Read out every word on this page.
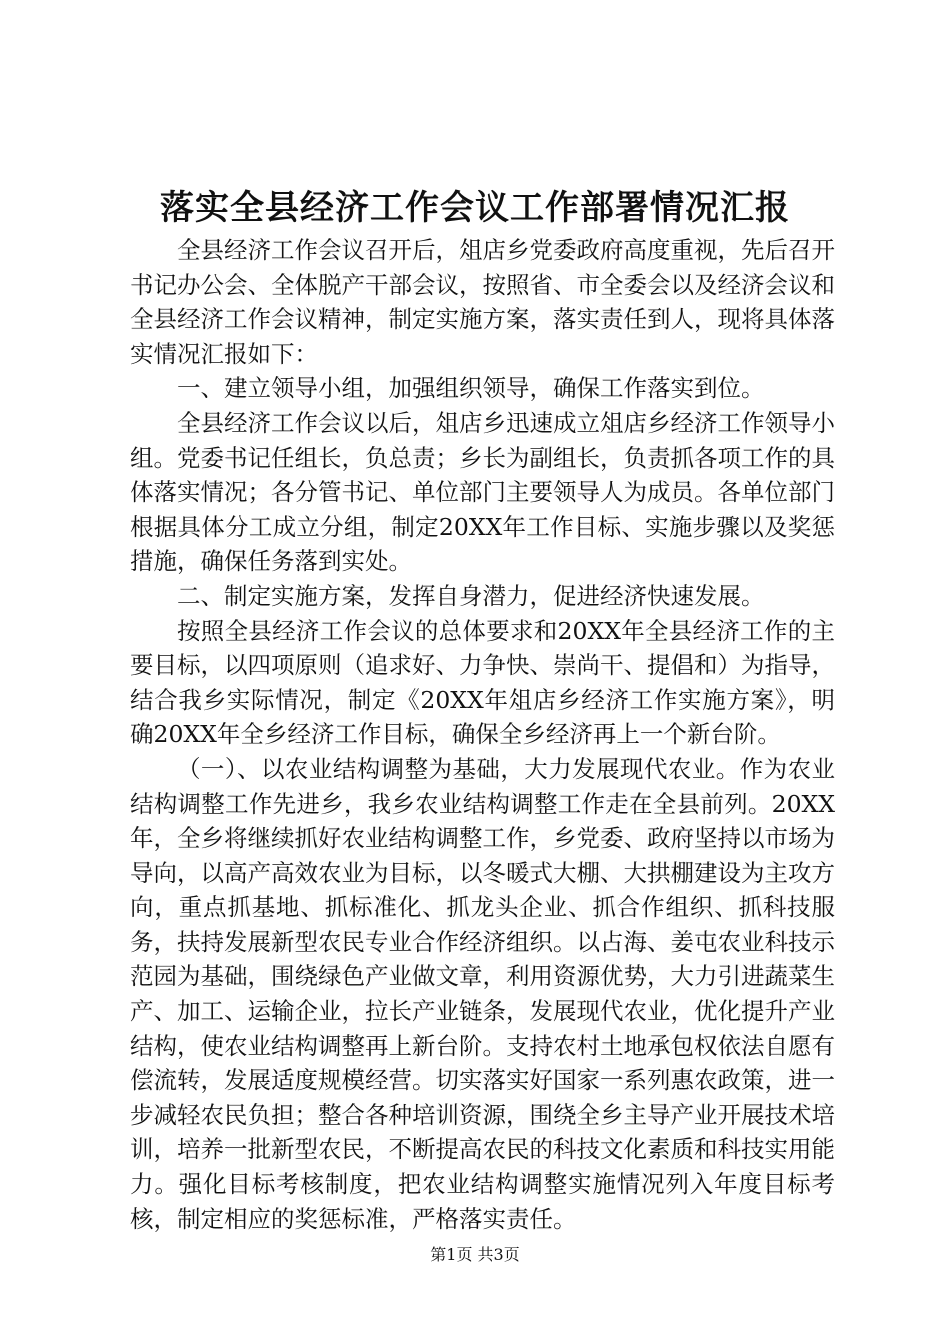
落实全县经济工作会议工作部署情况汇报

全县经济工作会议召开后，俎店乡党委政府高度重视，先后召开书记办公会、全体脱产干部会议，按照省、市全委会以及经济会议和全县经济工作会议精神，制定实施方案，落实责任到人，现将具体落实情况汇报如下：

一、建立领导小组，加强组织领导，确保工作落实到位。

全县经济工作会议以后，俎店乡迅速成立俎店乡经济工作领导小组。党委书记任组长，负总责；乡长为副组长，负责抓各项工作的具体落实情况；各分管书记、单位部门主要领导人为成员。各单位部门根据具体分工成立分组，制定20XX年工作目标、实施步骤以及奖惩措施，确保任务落到实处。

二、制定实施方案，发挥自身潜力，促进经济快速发展。

按照全县经济工作会议的总体要求和20XX年全县经济工作的主要目标，以四项原则（追求好、力争快、崇尚干、提倡和）为指导，结合我乡实际情况，制定《20XX年俎店乡经济工作实施方案》，明确20XX年全乡经济工作目标，确保全乡经济再上一个新台阶。

（一）、以农业结构调整为基础，大力发展现代农业。作为农业结构调整工作先进乡，我乡农业结构调整工作走在全县前列。20XX年，全乡将继续抓好农业结构调整工作，乡党委、政府坚持以市场为导向，以高产高效农业为目标，以冬暖式大棚、大拱棚建设为主攻方向，重点抓基地、抓标准化、抓龙头企业、抓合作组织、抓科技服务，扶持发展新型农民专业合作经济组织。以占海、姜屯农业科技示范园为基础，围绕绿色产业做文章，利用资源优势，大力引进蔬菜生产、加工、运输企业，拉长产业链条，发展现代农业，优化提升产业结构，使农业结构调整再上新台阶。支持农村土地承包权依法自愿有偿流转，发展适度规模经营。切实落实好国家一系列惠农政策，进一步减轻农民负担；整合各种培训资源，围绕全乡主导产业开展技术培训，培养一批新型农民，不断提高农民的科技文化素质和科技实用能力。强化目标考核制度，把农业结构调整实施情况列入年度目标考核，制定相应的奖惩标准，严格落实责任。

第1页 共3页
